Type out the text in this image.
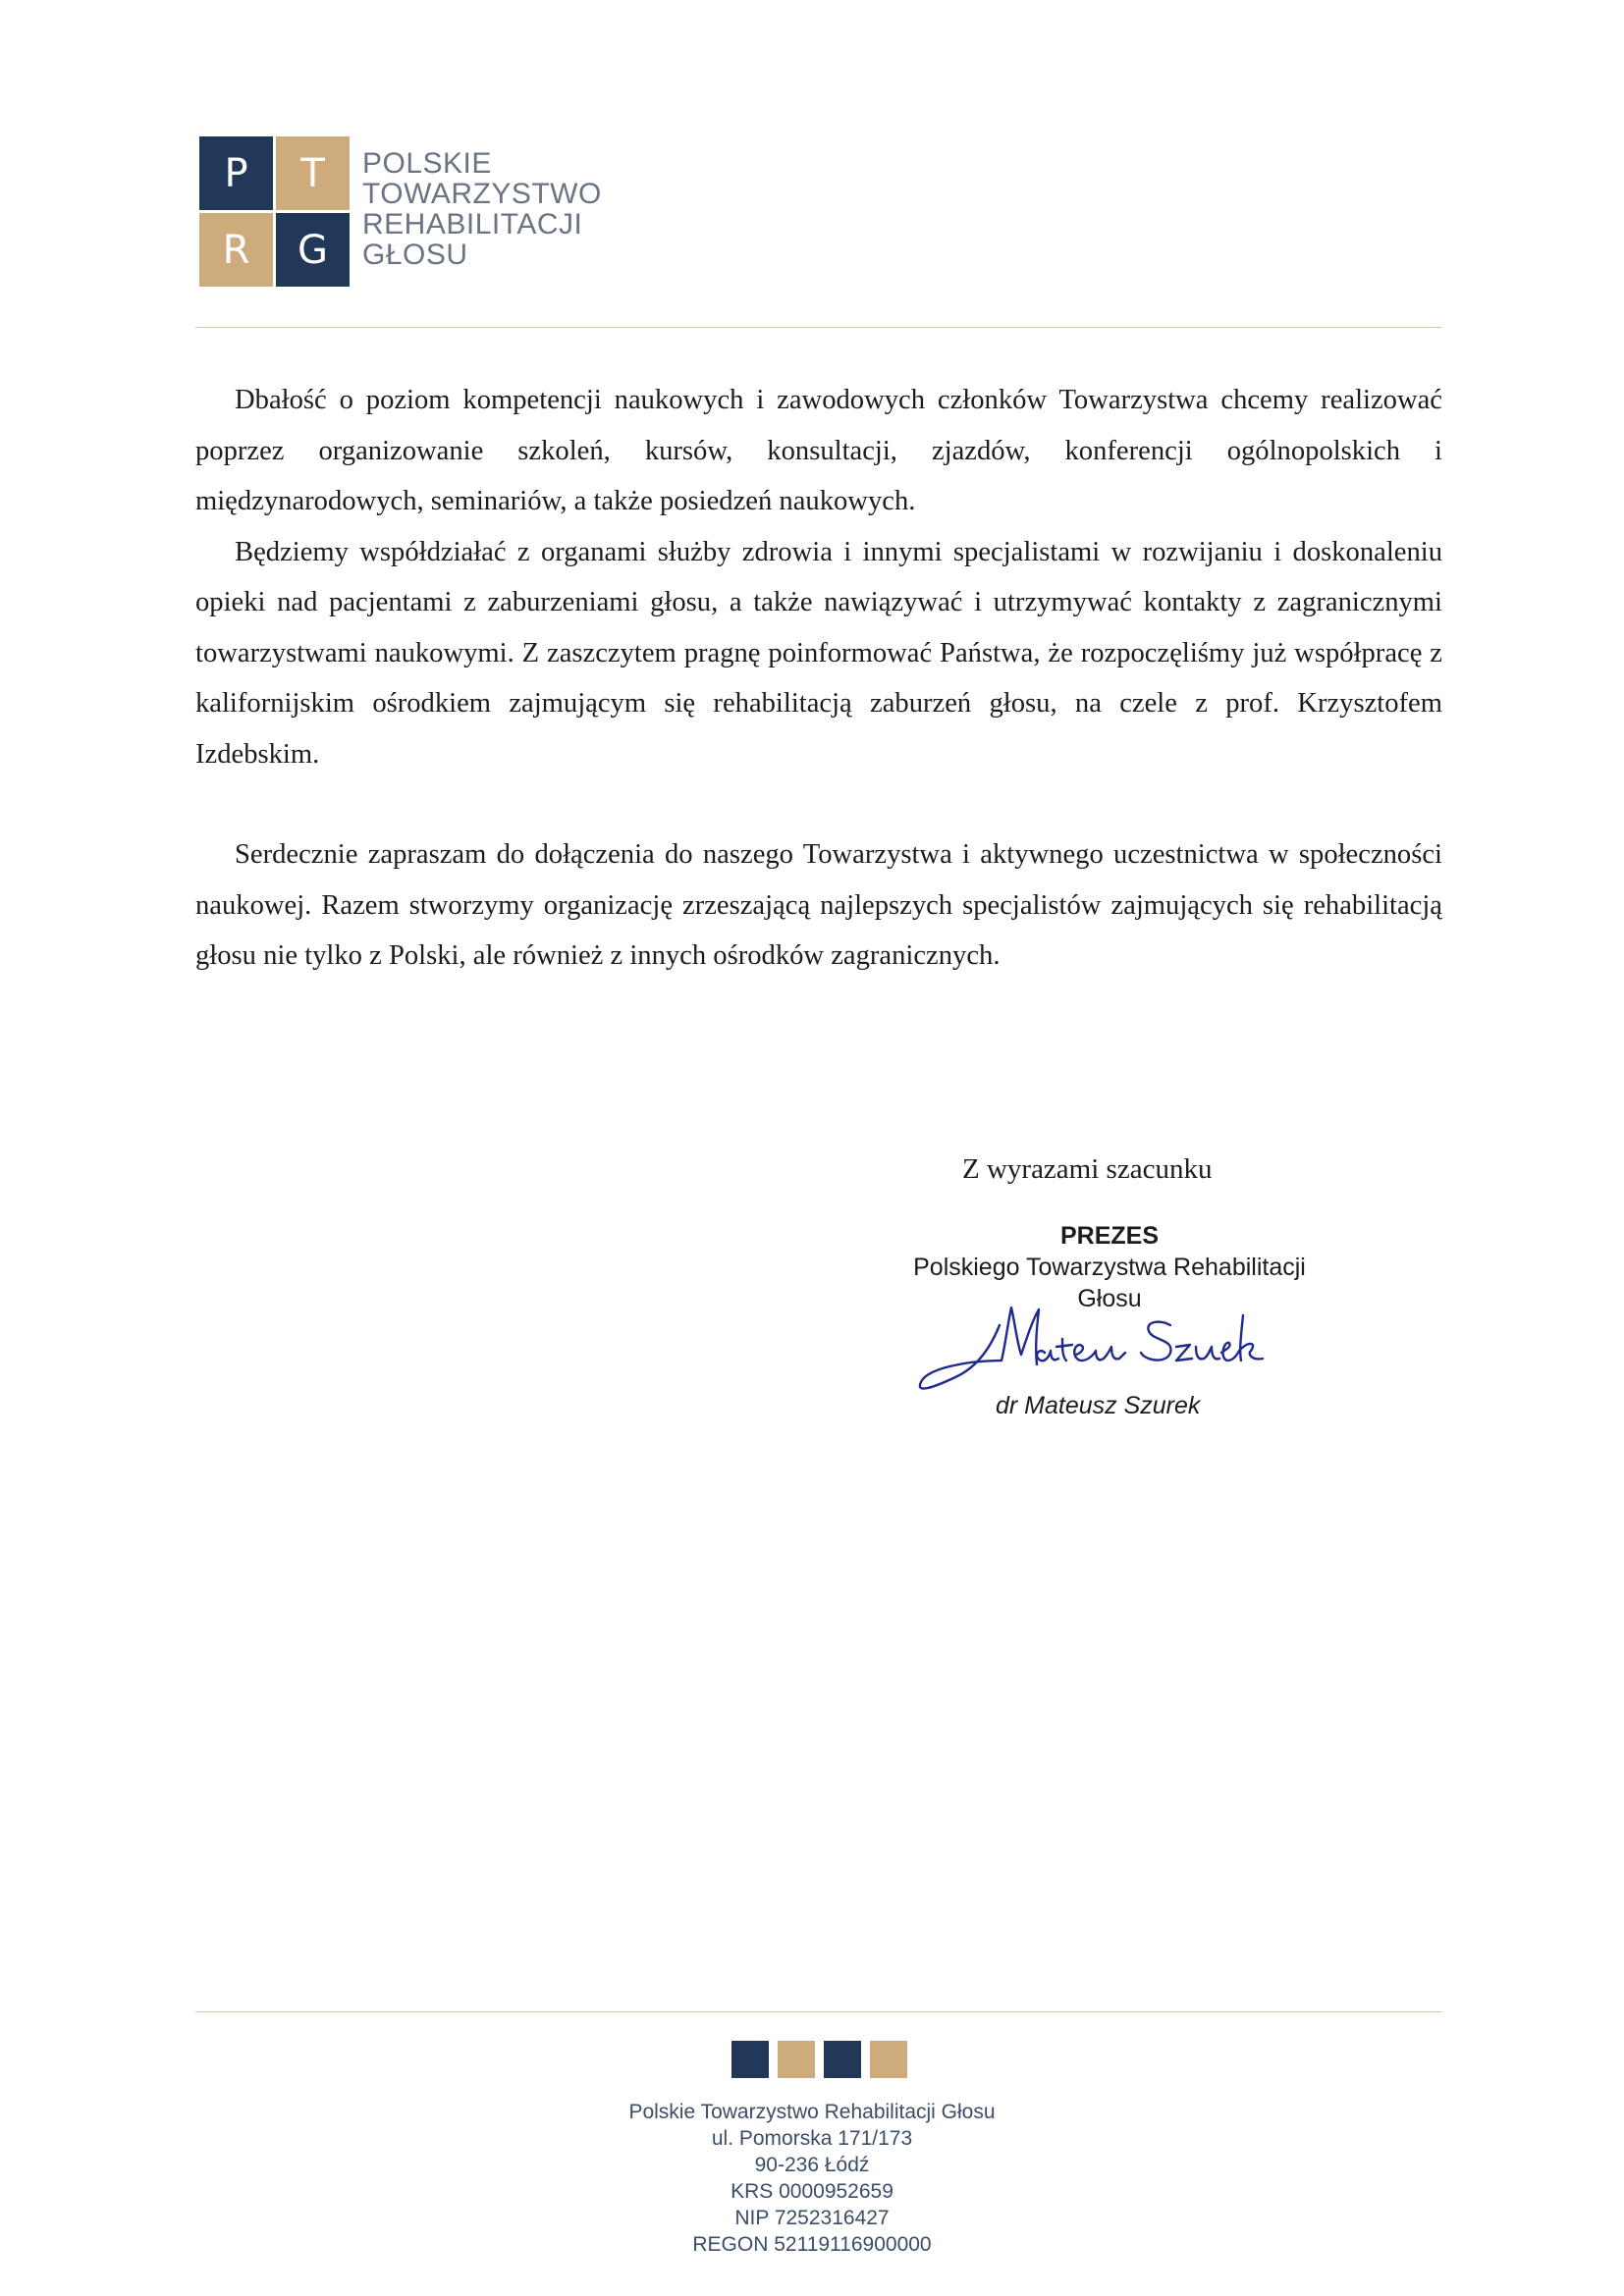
P	T
R	G
POLSKIE
TOWARZYSTWO
REHABILITACJI
GŁOSU

Dbałość o poziom kompetencji naukowych i zawodowych członków Towarzystwa chcemy realizować poprzez organizowanie szkoleń, kursów, konsultacji, zjazdów, konferencji ogólnopolskich i międzynarodowych, seminariów, a także posiedzeń naukowych.

Będziemy współdziałać z organami służby zdrowia i innymi specjalistami w rozwijaniu i doskonaleniu opieki nad pacjentami z zaburzeniami głosu, a także nawiązywać i utrzymywać kontakty z zagranicznymi towarzystwami naukowymi. Z zaszczytem pragnę poinformować Państwa, że rozpoczęliśmy już współpracę z kalifornijskim ośrodkiem zajmującym się rehabilitacją zaburzeń głosu, na czele z prof. Krzysztofem Izdebskim.

Serdecznie zapraszam do dołączenia do naszego Towarzystwa i aktywnego uczestnictwa w społeczności naukowej. Razem stworzymy organizację zrzeszającą najlepszych specjalistów zajmujących się rehabilitacją głosu nie tylko z Polski, ale również z innych ośrodków zagranicznych.

Z wyrazami szacunku
PREZES
Polskiego Towarzystwa Rehabilitacji
Głosu
dr Mateusz Szurek
Polskie Towarzystwo Rehabilitacji Głosu
ul. Pomorska 171/173
90-236 Łódź
KRS 0000952659
NIP 7252316427
REGON 52119116900000
